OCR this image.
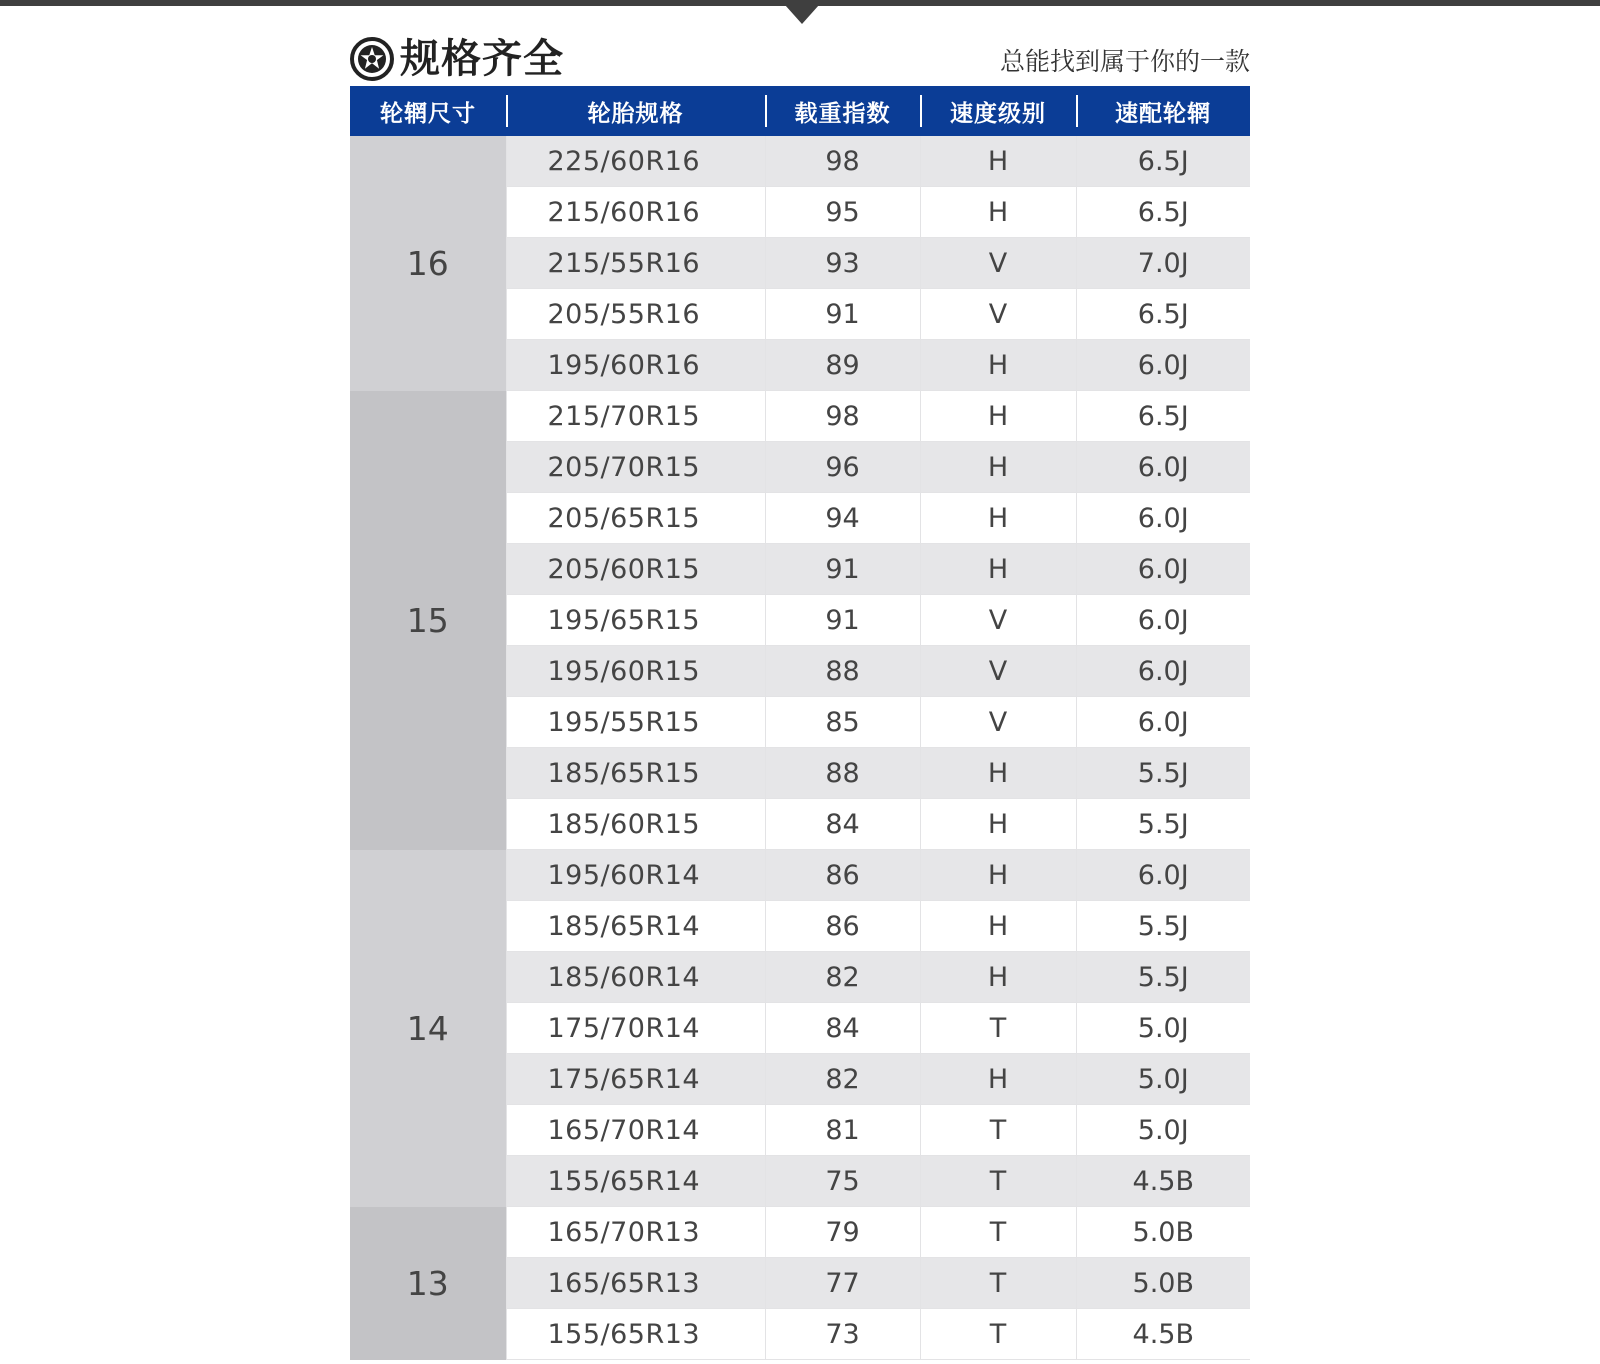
规格齐全	总能找到属于你的一款
轮辋尺寸	轮胎规格	载重指数	速度级别	速配轮辋
16	225/60R16	98	H	6.5J
	215/60R16	95	H	6.5J
	215/55R16	93	V	7.0J
	205/55R16	91	V	6.5J
	195/60R16	89	H	6.0J
15	215/70R15	98	H	6.5J
	205/70R15	96	H	6.0J
	205/65R15	94	H	6.0J
	205/60R15	91	H	6.0J
	195/65R15	91	V	6.0J
	195/60R15	88	V	6.0J
	195/55R15	85	V	6.0J
	185/65R15	88	H	5.5J
	185/60R15	84	H	5.5J
14	195/60R14	86	H	6.0J
	185/65R14	86	H	5.5J
	185/60R14	82	H	5.5J
	175/70R14	84	T	5.0J
	175/65R14	82	H	5.0J
	165/70R14	81	T	5.0J
	155/65R14	75	T	4.5B
13	165/70R13	79	T	5.0B
	165/65R13	77	T	5.0B
	155/65R13	73	T	4.5B
